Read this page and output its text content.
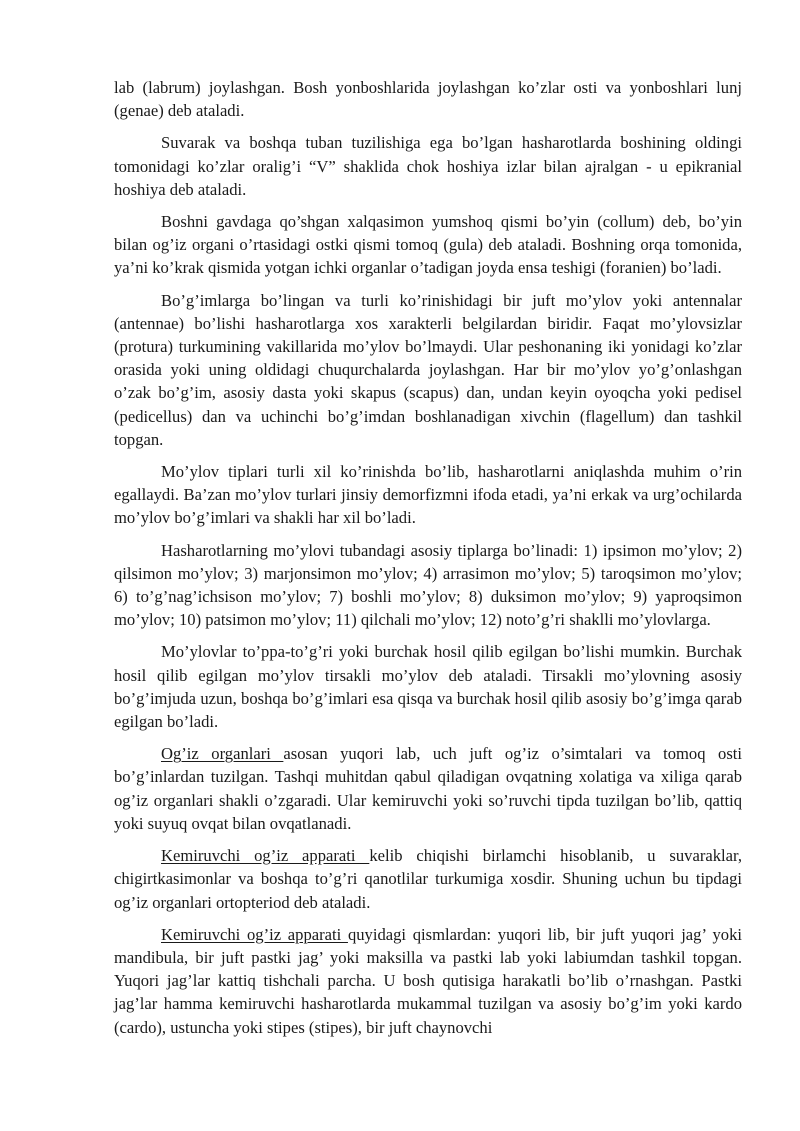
lab (labrum) joylashgan. Bosh yonboshlarida joylashgan ko’zlar osti va yonboshlari lunj (genae) deb ataladi.

Suvarak va boshqa tuban tuzilishiga ega bo’lgan hasharotlarda boshining oldingi tomonidagi ko’zlar oralig’i “V” shaklida chok hoshiya izlar bilan ajralgan - u epikranial hoshiya deb ataladi.

Boshni gavdaga qo’shgan xalqasimon yumshoq qismi bo’yin (collum) deb, bo’yin bilan og’iz organi o’rtasidagi ostki qismi tomoq (gula) deb ataladi. Boshning orqa tomonida, ya’ni ko’krak qismida yotgan ichki organlar o’tadigan joyda ensa teshigi (foranien) bo’ladi.

Bo’g’imlarga bo’lingan va turli ko’rinishidagi bir juft mo’ylov yoki antennalar (antennae) bo’lishi hasharotlarga xos xarakterli belgilardan biridir. Faqat mo’ylovsizlar (protura) turkumining vakillarida mo’ylov bo’lmaydi. Ular peshonaning iki yonidagi ko’zlar orasida yoki uning oldidagi chuqurchalarda joylashgan. Har bir mo’ylov yo’g’onlashgan o’zak bo’g’im, asosiy dasta yoki skapus (scapus) dan, undan keyin oyoqcha yoki pedisel (pedicellus) dan va uchinchi bo’g’imdan boshlanadigan xivchin (flagellum) dan tashkil topgan.

Mo’ylov tiplari turli xil ko’rinishda bo’lib, hasharotlarni aniqlashda muhim o’rin egallaydi. Ba’zan mo’ylov turlari jinsiy demorfizmni ifoda etadi, ya’ni erkak va urg’ochilarda mo’ylov bo’g’imlari va shakli har xil bo’ladi.

Hasharotlarning mo’ylovi tubandagi asosiy tiplarga bo’linadi: 1) ipsimon mo’ylov; 2) qilsimon mo’ylov; 3) marjonsimon mo’ylov; 4) arrasimon mo’ylov; 5) taroqsimon mo’ylov; 6) to’g’nag’ichsison mo’ylov; 7) boshli mo’ylov; 8) duksimon mo’ylov; 9) yaproqsimon mo’ylov; 10) patsimon mo’ylov; 11) qilchali mo’ylov; 12) noto’g’ri shaklli mo’ylovlarga.

Mo’ylovlar to’ppa-to’g’ri yoki burchak hosil qilib egilgan bo’lishi mumkin. Burchak hosil qilib egilgan mo’ylov tirsakli mo’ylov deb ataladi. Tirsakli mo’ylovning asosiy bo’g’imjuda uzun, boshqa bo’g’imlari esa qisqa va burchak hosil qilib asosiy bo’g’imga qarab egilgan bo’ladi.

Og’iz organlari asosan yuqori lab, uch juft og’iz o’simtalari va tomoq osti bo’g’inlardan tuzilgan. Tashqi muhitdan qabul qiladigan ovqatning xolatiga va xiliga qarab og’iz organlari shakli o’zgaradi. Ular kemiruvchi yoki so’ruvchi tipda tuzilgan bo’lib, qattiq yoki suyuq ovqat bilan ovqatlanadi.

Kemiruvchi og’iz apparati kelib chiqishi birlamchi hisoblanib, u suvaraklar, chigirtkasimonlar va boshqa to’g’ri qanotlilar turkumiga xosdir. Shuning uchun bu tipdagi og’iz organlari ortopteriod deb ataladi.

Kemiruvchi og’iz apparati quyidagi qismlardan: yuqori lib, bir juft yuqori jag’ yoki mandibula, bir juft pastki jag’ yoki maksilla va pastki lab yoki labiumdan tashkil topgan. Yuqori jag’lar kattiq tishchali parcha. U bosh qutisiga harakatli bo’lib o’rnashgan. Pastki jag’lar hamma kemiruvchi hasharotlarda mukammal tuzilgan va asosiy bo’g’im yoki kardo (cardo), ustuncha yoki stipes (stipes), bir juft chaynovchi
